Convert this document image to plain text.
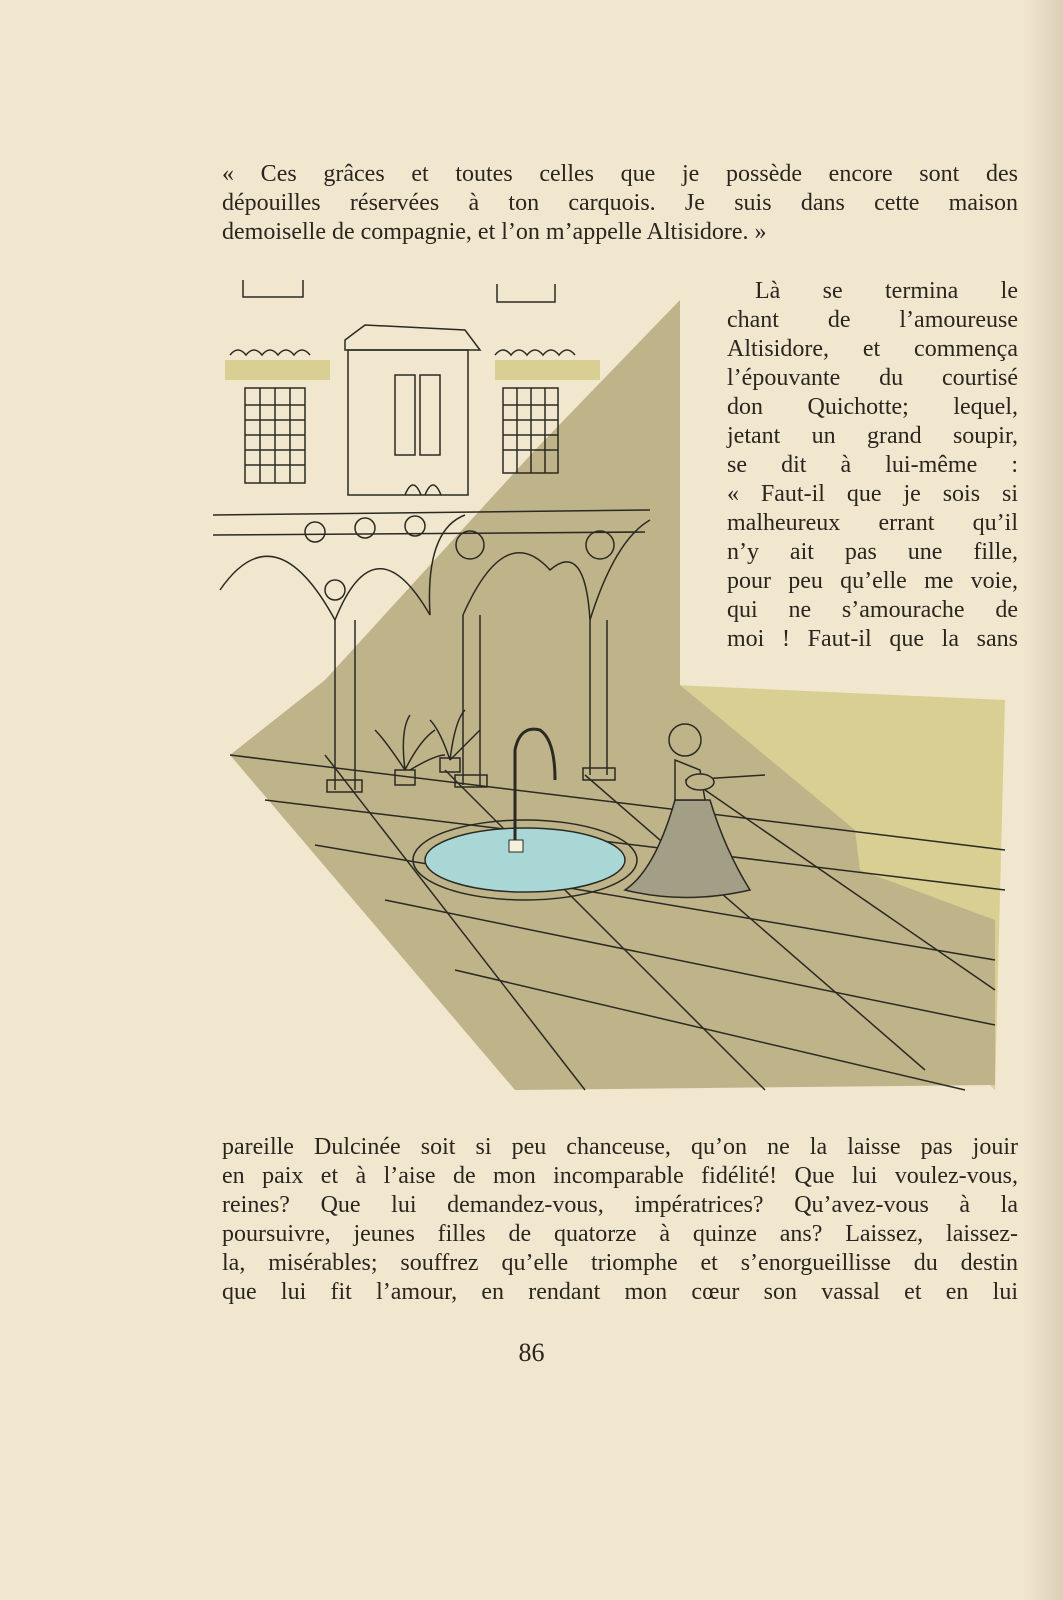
« Ces grâces et toutes celles que je possède encore sont des
dépouilles réservées à ton carquois. Je suis dans cette maison
demoiselle de compagnie, et l’on m’appelle Altisidore. »
Là se termina le
chant de l’amoureuse
Altisidore, et commença
l’épouvante du courtisé
don Quichotte; lequel,
jetant un grand soupir,
se dit à lui-même :
« Faut-il que je sois si
malheureux errant qu’il
n’y ait pas une fille,
pour peu qu’elle me voie,
qui ne s’amourache de
moi ! Faut-il que la sans
pareille Dulcinée soit si peu chanceuse, qu’on ne la laisse pas jouir
en paix et à l’aise de mon incomparable fidélité! Que lui voulez-vous,
reines? Que lui demandez-vous, impératrices? Qu’avez-vous à la
poursuivre, jeunes filles de quatorze à quinze ans? Laissez, laissez-
la, misérables; souffrez qu’elle triomphe et s’enorgueillisse du destin
que lui fit l’amour, en rendant mon cœur son vassal et en lui
86
